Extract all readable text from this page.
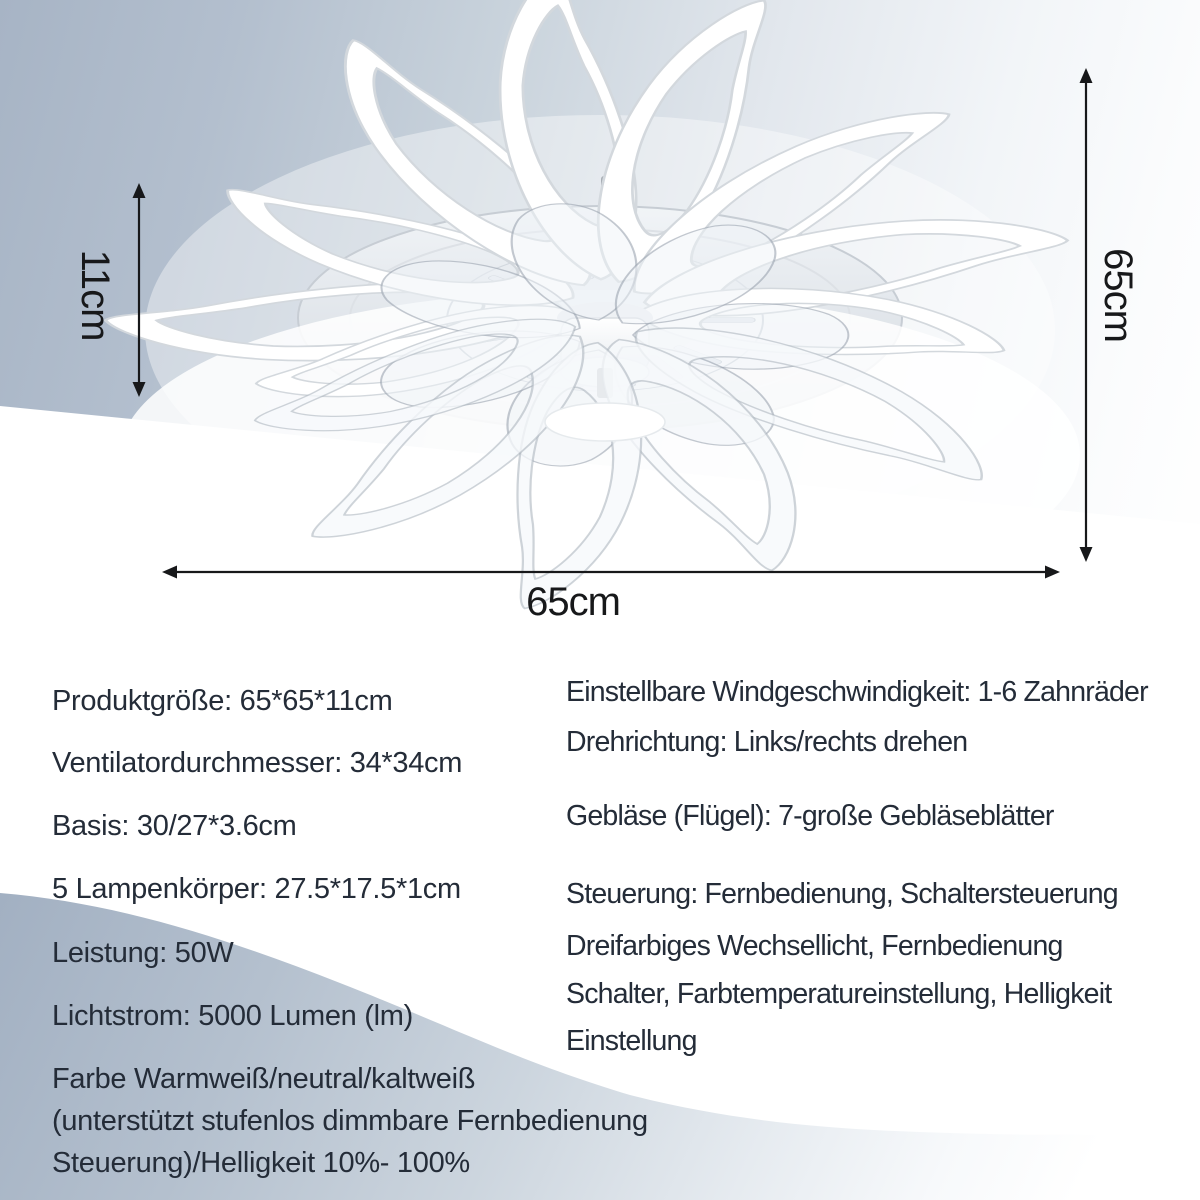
11cm	65cm
65cm
Produktgröße: 65*65*11cm
Ventilatordurchmesser: 34*34cm
Basis: 30/27*3.6cm
5 Lampenkörper: 27.5*17.5*1cm
Leistung: 50W
Lichtstrom: 5000 Lumen (lm)
Farbe Warmweiß/neutral/kaltweiß
(unterstützt stufenlos dimmbare Fernbedienung
Steuerung)/Helligkeit 10%- 100%
Einstellbare Windgeschwindigkeit: 1-6 Zahnräder
Drehrichtung: Links/rechts drehen
Gebläse (Flügel): 7-große Gebläseblätter
Steuerung: Fernbedienung, Schaltersteuerung
Dreifarbiges Wechsellicht, Fernbedienung
Schalter, Farbtemperatureinstellung, Helligkeit
Einstellung
